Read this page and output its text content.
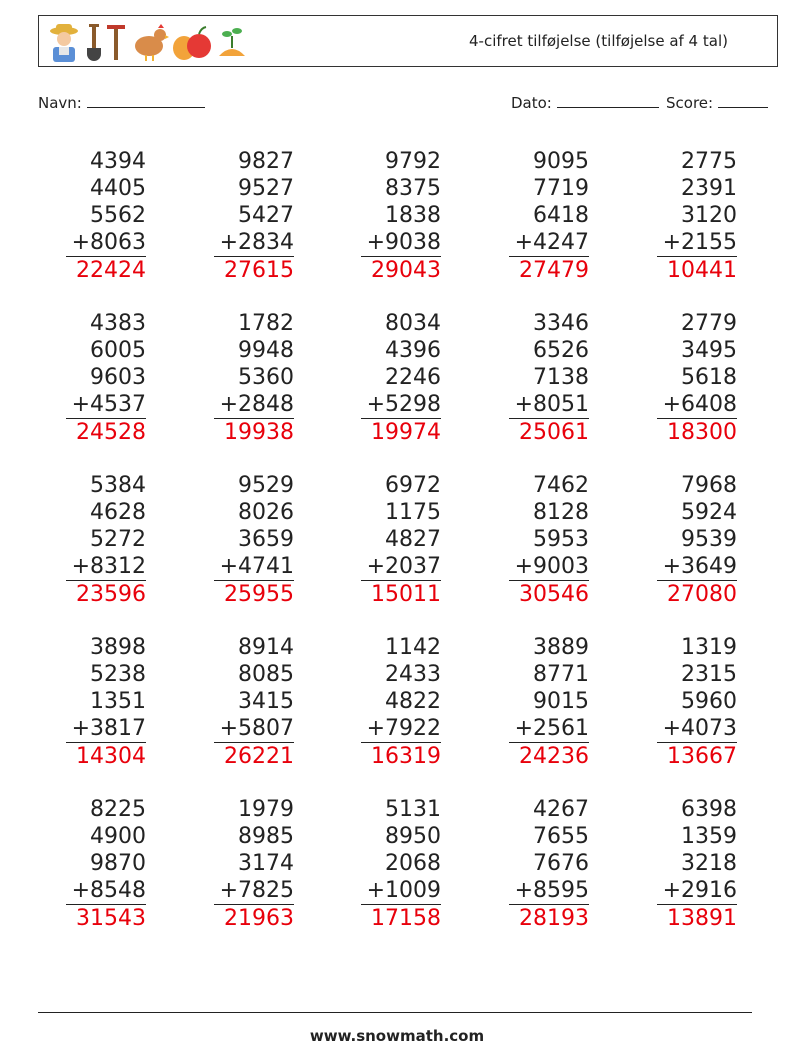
4-cifret tilføjelse (tilføjelse af 4 tal)
Navn:	Dato:	Score:
4394
4405
5562
+8063
22424
9827
9527
5427
+2834
27615
9792
8375
1838
+9038
29043
9095
7719
6418
+4247
27479
2775
2391
3120
+2155
10441
4383
6005
9603
+4537
24528
1782
9948
5360
+2848
19938
8034
4396
2246
+5298
19974
3346
6526
7138
+8051
25061
2779
3495
5618
+6408
18300
5384
4628
5272
+8312
23596
9529
8026
3659
+4741
25955
6972
1175
4827
+2037
15011
7462
8128
5953
+9003
30546
7968
5924
9539
+3649
27080
3898
5238
1351
+3817
14304
8914
8085
3415
+5807
26221
1142
2433
4822
+7922
16319
3889
8771
9015
+2561
24236
1319
2315
5960
+4073
13667
8225
4900
9870
+8548
31543
1979
8985
3174
+7825
21963
5131
8950
2068
+1009
17158
4267
7655
7676
+8595
28193
6398
1359
3218
+2916
13891
www.snowmath.com
